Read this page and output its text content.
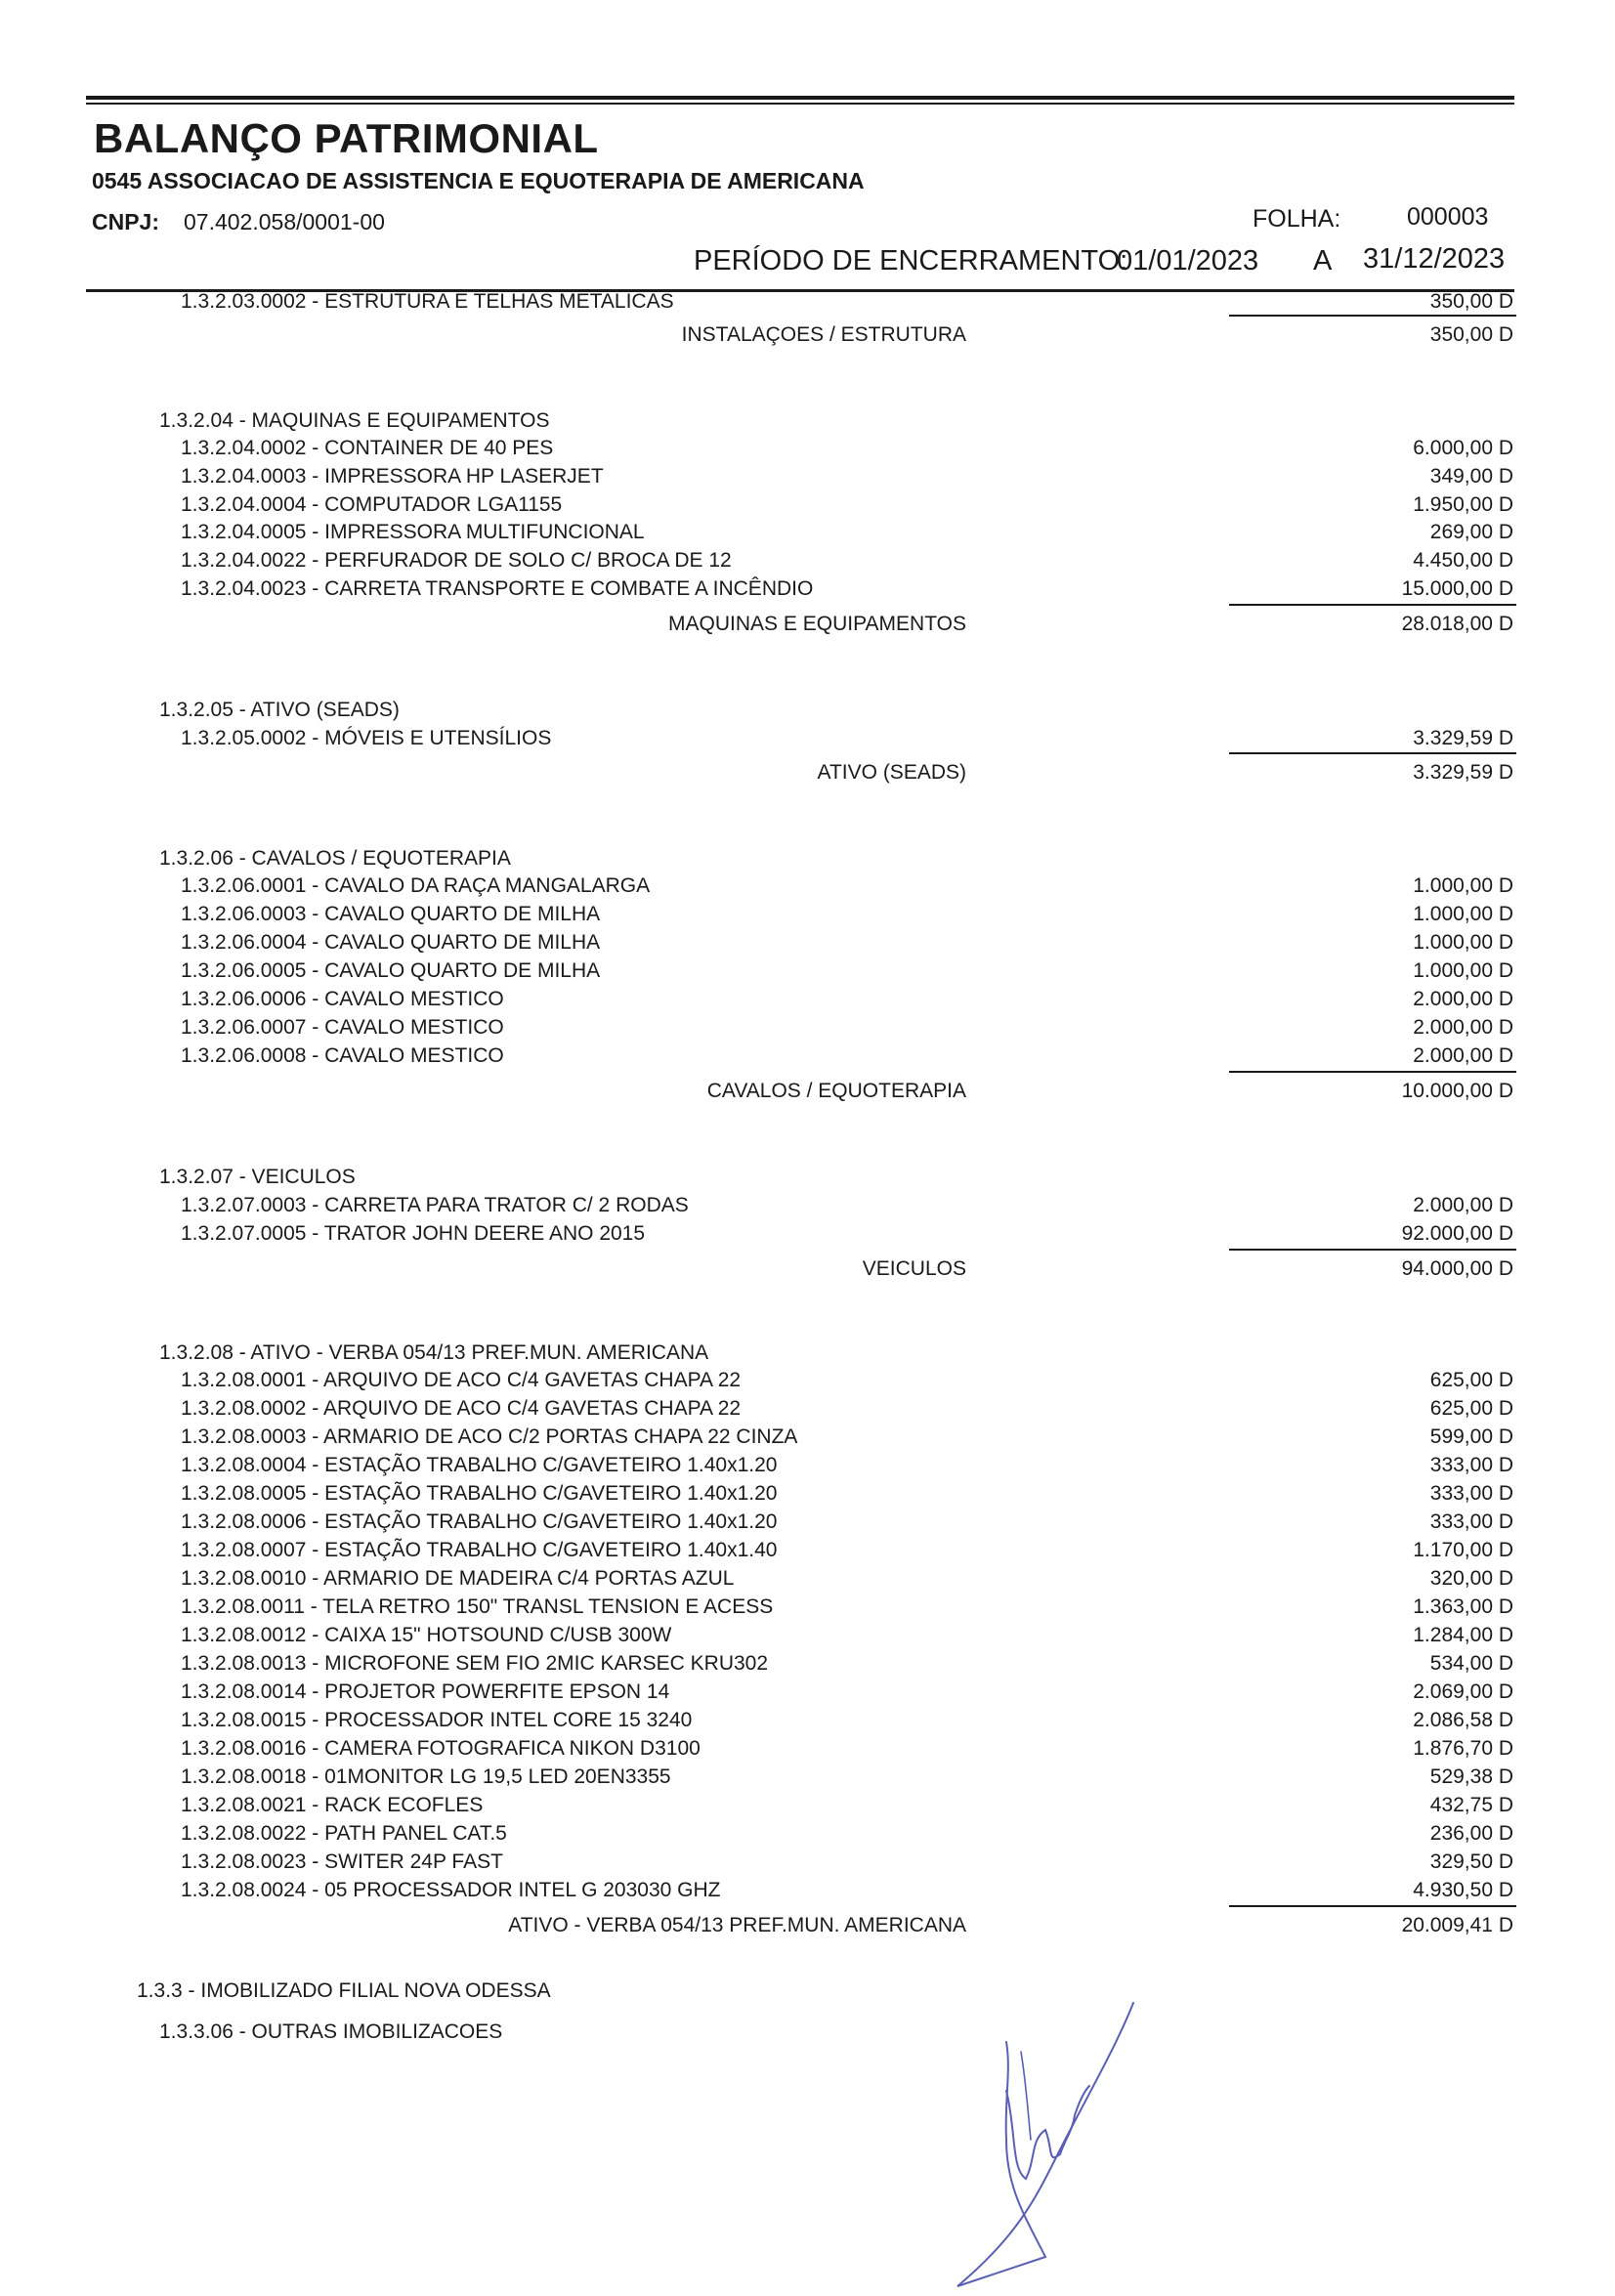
BALANÇO PATRIMONIAL
0545 ASSOCIACAO DE ASSISTENCIA E EQUOTERAPIA DE AMERICANA
CNPJ: 07.402.058/0001-00	FOLHA:	000003
PERÍODO DE ENCERRAMENTO:
01/01/2023 A 31/12/2023
1.3.2.03.0002 - ESTRUTURA E TELHAS METALICAS	350,00 D
INSTALAÇOES / ESTRUTURA	350,00 D
1.3.2.04 - MAQUINAS E EQUIPAMENTOS
1.3.2.04.0002 - CONTAINER DE 40 PES	6.000,00 D
1.3.2.04.0003 - IMPRESSORA HP LASERJET	349,00 D
1.3.2.04.0004 - COMPUTADOR LGA1155	1.950,00 D
1.3.2.04.0005 - IMPRESSORA MULTIFUNCIONAL	269,00 D
1.3.2.04.0022 - PERFURADOR DE SOLO C/ BROCA DE 12	4.450,00 D
1.3.2.04.0023 - CARRETA TRANSPORTE E COMBATE A INCÊNDIO	15.000,00 D
MAQUINAS E EQUIPAMENTOS	28.018,00 D
1.3.2.05 - ATIVO (SEADS)
1.3.2.05.0002 - MÓVEIS E UTENSÍLIOS	3.329,59 D
ATIVO (SEADS)	3.329,59 D
1.3.2.06 - CAVALOS / EQUOTERAPIA
1.3.2.06.0001 - CAVALO DA RAÇA MANGALARGA	1.000,00 D
1.3.2.06.0003 - CAVALO QUARTO DE MILHA	1.000,00 D
1.3.2.06.0004 - CAVALO QUARTO DE MILHA	1.000,00 D
1.3.2.06.0005 - CAVALO QUARTO DE MILHA	1.000,00 D
1.3.2.06.0006 - CAVALO MESTICO	2.000,00 D
1.3.2.06.0007 - CAVALO MESTICO	2.000,00 D
1.3.2.06.0008 - CAVALO MESTICO	2.000,00 D
CAVALOS / EQUOTERAPIA	10.000,00 D
1.3.2.07 - VEICULOS
1.3.2.07.0003 - CARRETA PARA TRATOR C/ 2 RODAS	2.000,00 D
1.3.2.07.0005 - TRATOR JOHN DEERE ANO 2015	92.000,00 D
VEICULOS	94.000,00 D
1.3.2.08 - ATIVO - VERBA 054/13 PREF.MUN. AMERICANA
1.3.2.08.0001 - ARQUIVO DE ACO C/4 GAVETAS CHAPA 22	625,00 D
1.3.2.08.0002 - ARQUIVO DE ACO C/4 GAVETAS CHAPA 22	625,00 D
1.3.2.08.0003 - ARMARIO DE ACO C/2 PORTAS CHAPA 22 CINZA	599,00 D
1.3.2.08.0004 - ESTAÇÃO TRABALHO C/GAVETEIRO 1.40x1.20	333,00 D
1.3.2.08.0005 - ESTAÇÃO TRABALHO C/GAVETEIRO 1.40x1.20	333,00 D
1.3.2.08.0006 - ESTAÇÃO TRABALHO C/GAVETEIRO 1.40x1.20	333,00 D
1.3.2.08.0007 - ESTAÇÃO TRABALHO C/GAVETEIRO 1.40x1.40	1.170,00 D
1.3.2.08.0010 - ARMARIO DE MADEIRA C/4 PORTAS AZUL	320,00 D
1.3.2.08.0011 - TELA RETRO 150" TRANSL TENSION E ACESS	1.363,00 D
1.3.2.08.0012 - CAIXA 15" HOTSOUND C/USB 300W	1.284,00 D
1.3.2.08.0013 - MICROFONE SEM FIO 2MIC KARSEC KRU302	534,00 D
1.3.2.08.0014 - PROJETOR POWERFITE EPSON 14	2.069,00 D
1.3.2.08.0015 - PROCESSADOR INTEL CORE 15 3240	2.086,58 D
1.3.2.08.0016 - CAMERA FOTOGRAFICA NIKON D3100	1.876,70 D
1.3.2.08.0018 - 01MONITOR LG 19,5 LED 20EN3355	529,38 D
1.3.2.08.0021 - RACK ECOFLES	432,75 D
1.3.2.08.0022 - PATH PANEL CAT.5	236,00 D
1.3.2.08.0023 - SWITER 24P FAST	329,50 D
1.3.2.08.0024 - 05 PROCESSADOR INTEL G 203030 GHZ	4.930,50 D
ATIVO - VERBA 054/13 PREF.MUN. AMERICANA	20.009,41 D
1.3.3 - IMOBILIZADO FILIAL NOVA ODESSA
1.3.3.06 - OUTRAS IMOBILIZACOES
